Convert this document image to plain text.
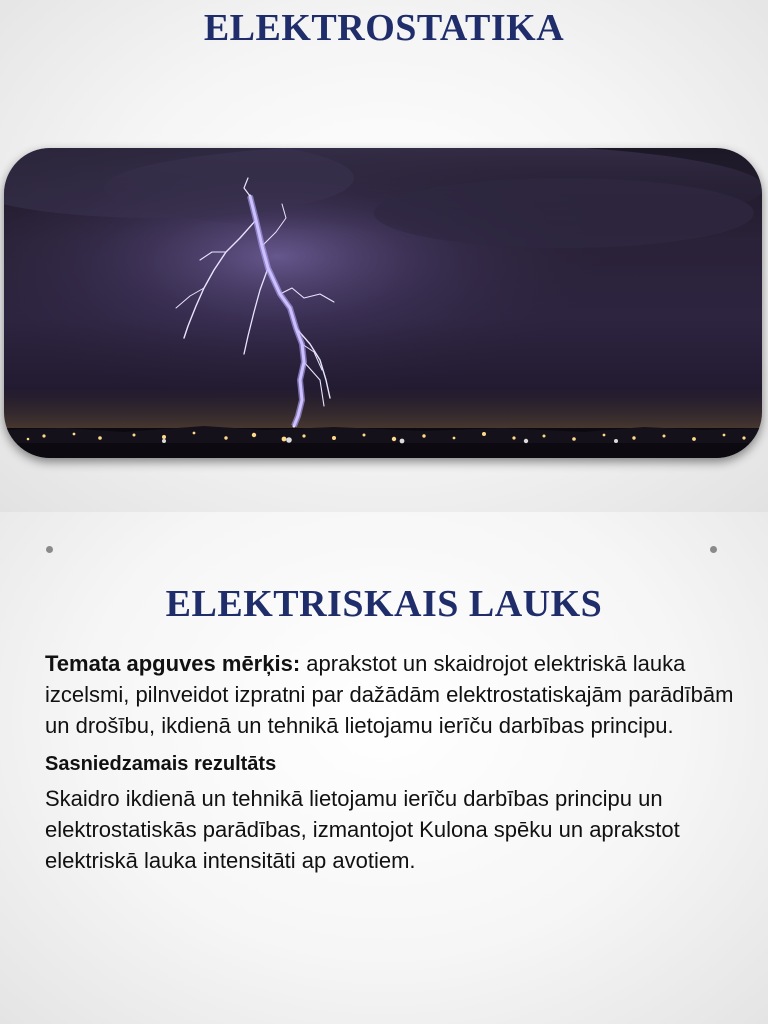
ELEKTROSTATIKA
ELEKTRISKAIS LAUKS

Temata apguves mērķis: aprakstot un skaidrojot elektriskā lauka izcelsmi, pilnveidot izpratni par dažādām elektrostatiskajām parādībām un drošību, ikdienā un tehnikā lietojamu ierīču darbības principu.

Sasniedzamais rezultāts

Skaidro ikdienā un tehnikā lietojamu ierīču darbības principu un elektrostatiskās parādības, izmantojot Kulona spēku un aprakstot elektriskā lauka intensitāti ap avotiem.
